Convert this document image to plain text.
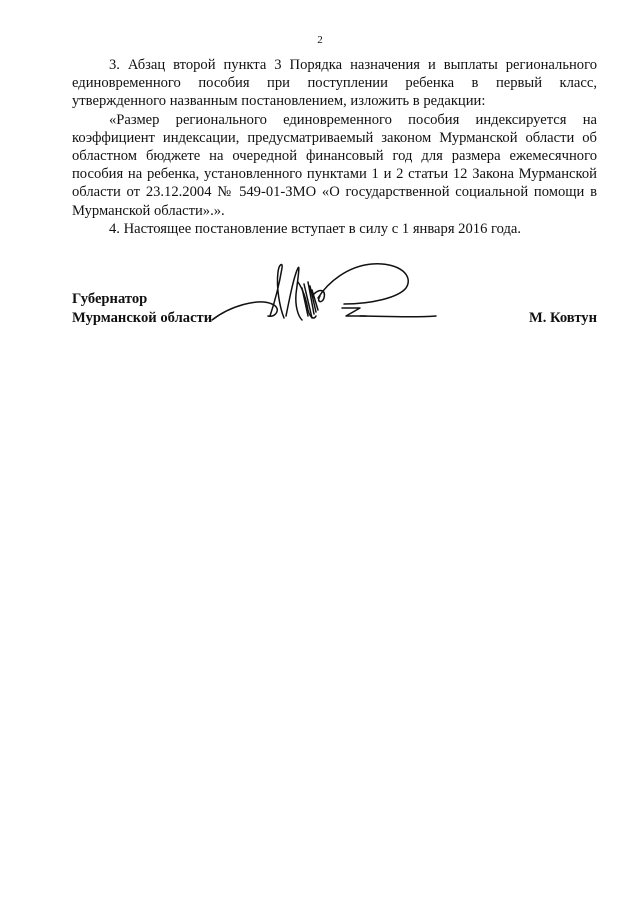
2

3. Абзац второй пункта 3 Порядка назначения и выплаты регионального единовременного пособия при поступлении ребенка в первый класс, утвержденного названным постановлением, изложить в редакции:

«Размер регионального единовременного пособия индексируется на коэффициент индексации, предусматриваемый законом Мурманской области об областном бюджете на очередной финансовый год для размера ежемесячного пособия на ребенка, установленного пунктами 1 и 2 статьи 12 Закона Мурманской области от 23.12.2004 № 549-01-ЗМО «О государственной социальной помощи в Мурманской области».».

4. Настоящее постановление вступает в силу с 1 января 2016 года.

Губернатор
Мурманской области	М. Ковтун
